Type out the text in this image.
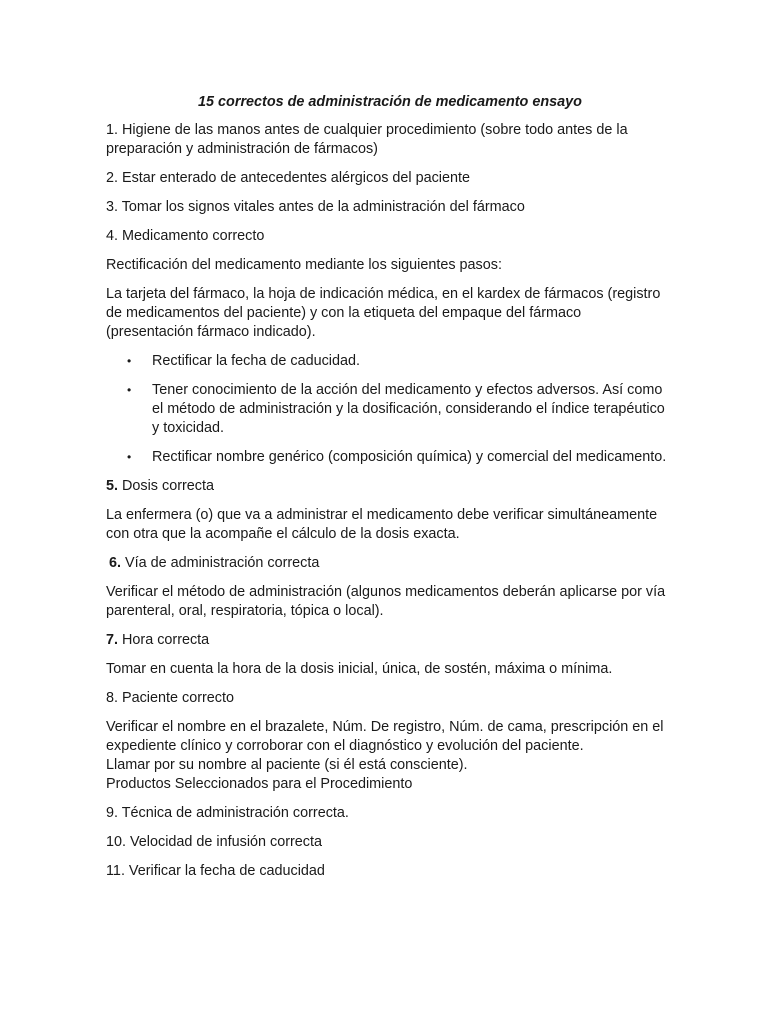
15 correctos de administración de medicamento ensayo

1. Higiene de las manos antes de cualquier procedimiento (sobre todo antes de la preparación y administración de fármacos)

2. Estar enterado de antecedentes alérgicos del paciente

3. Tomar los signos vitales antes de la administración del fármaco

4. Medicamento correcto

Rectificación del medicamento mediante los siguientes pasos:

La tarjeta del fármaco, la hoja de indicación médica, en el kardex de fármacos (registro de medicamentos del paciente) y con la etiqueta del empaque del fármaco (presentación fármaco indicado).

• Rectificar la fecha de caducidad.
• Tener conocimiento de la acción del medicamento y efectos adversos. Así como el método de administración y la dosificación, considerando el índice terapéutico y toxicidad.
• Rectificar nombre genérico (composición química) y comercial del medicamento.

5. Dosis correcta

La enfermera (o) que va a administrar el medicamento debe verificar simultáneamente con otra que la acompañe el cálculo de la dosis exacta.

6. Vía de administración correcta

Verificar el método de administración (algunos medicamentos deberán aplicarse por vía parenteral, oral, respiratoria, tópica o local).

7. Hora correcta

Tomar en cuenta la hora de la dosis inicial, única, de sostén, máxima o mínima.

8. Paciente correcto

Verificar el nombre en el brazalete, Núm. De registro, Núm. de cama, prescripción en el expediente clínico y corroborar con el diagnóstico y evolución del paciente.
Llamar por su nombre al paciente (si él está consciente).
Productos Seleccionados para el Procedimiento

9. Técnica de administración correcta.

10. Velocidad de infusión correcta

11. Verificar la fecha de caducidad
